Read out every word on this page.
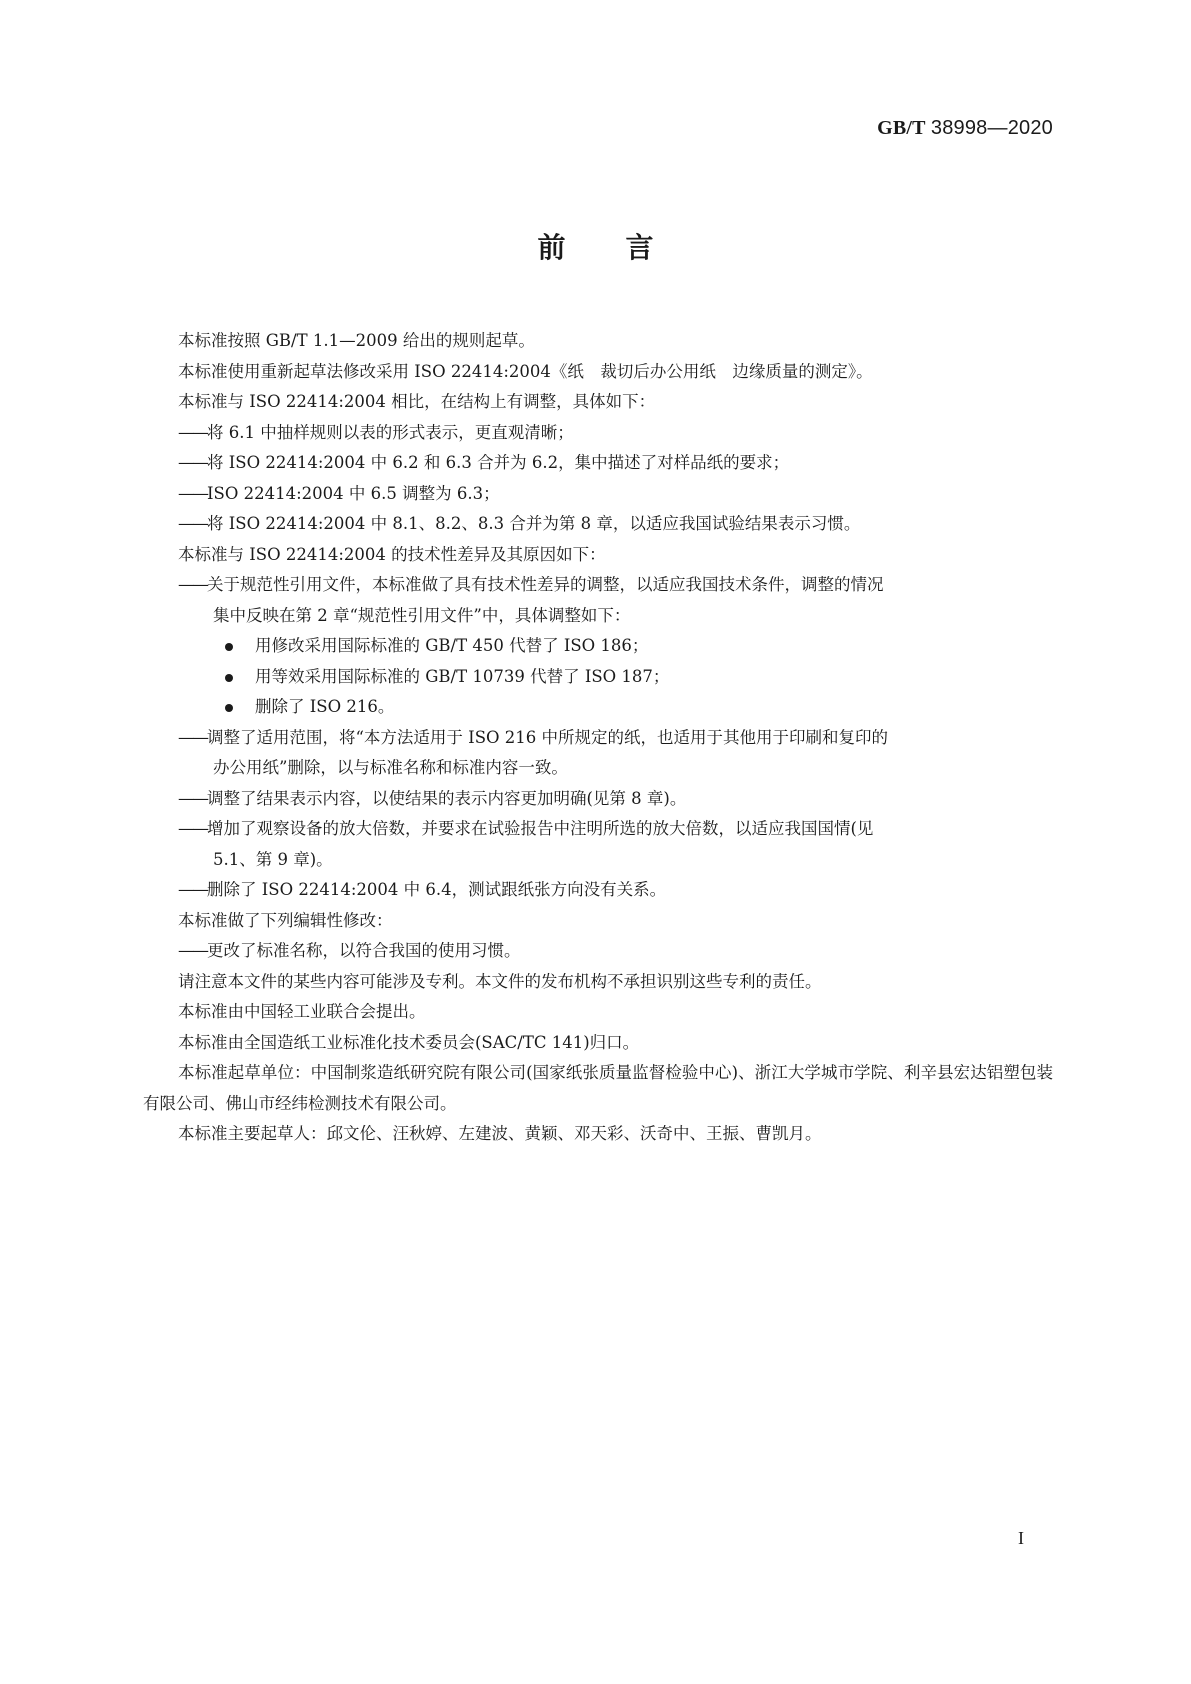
GB/T 38998—2020
前言

本标准按照 GB/T 1.1—2009 给出的规则起草。

本标准使用重新起草法修改采用 ISO 22414:2004《纸　裁切后办公用纸　边缘质量的测定》。

本标准与 ISO 22414:2004 相比，在结构上有调整，具体如下：

——将 6.1 中抽样规则以表的形式表示，更直观清晰；

——将 ISO 22414:2004 中 6.2 和 6.3 合并为 6.2，集中描述了对样品纸的要求；

——ISO 22414:2004 中 6.5 调整为 6.3；

——将 ISO 22414:2004 中 8.1、8.2、8.3 合并为第 8 章，以适应我国试验结果表示习惯。

本标准与 ISO 22414:2004 的技术性差异及其原因如下：

——关于规范性引用文件，本标准做了具有技术性差异的调整，以适应我国技术条件，调整的情况
集中反映在第 2 章“规范性引用文件”中，具体调整如下：

用修改采用国际标准的 GB/T 450 代替了 ISO 186；

用等效采用国际标准的 GB/T 10739 代替了 ISO 187；

删除了 ISO 216。

——调整了适用范围，将“本方法适用于 ISO 216 中所规定的纸，也适用于其他用于印刷和复印的
办公用纸”删除，以与标准名称和标准内容一致。

——调整了结果表示内容，以使结果的表示内容更加明确(见第 8 章)。

——增加了观察设备的放大倍数，并要求在试验报告中注明所选的放大倍数，以适应我国国情(见
5.1、第 9 章)。

——删除了 ISO 22414:2004 中 6.4，测试跟纸张方向没有关系。

本标准做了下列编辑性修改：

——更改了标准名称，以符合我国的使用习惯。

请注意本文件的某些内容可能涉及专利。本文件的发布机构不承担识别这些专利的责任。

本标准由中国轻工业联合会提出。

本标准由全国造纸工业标准化技术委员会(SAC/TC 141)归口。

本标准起草单位：中国制浆造纸研究院有限公司(国家纸张质量监督检验中心)、浙江大学城市学院、利辛县宏达铝塑包装有限公司、佛山市经纬检测技术有限公司。

本标准主要起草人：邱文伦、汪秋婷、左建波、黄颖、邓天彩、沃奇中、王振、曹凯月。

I
